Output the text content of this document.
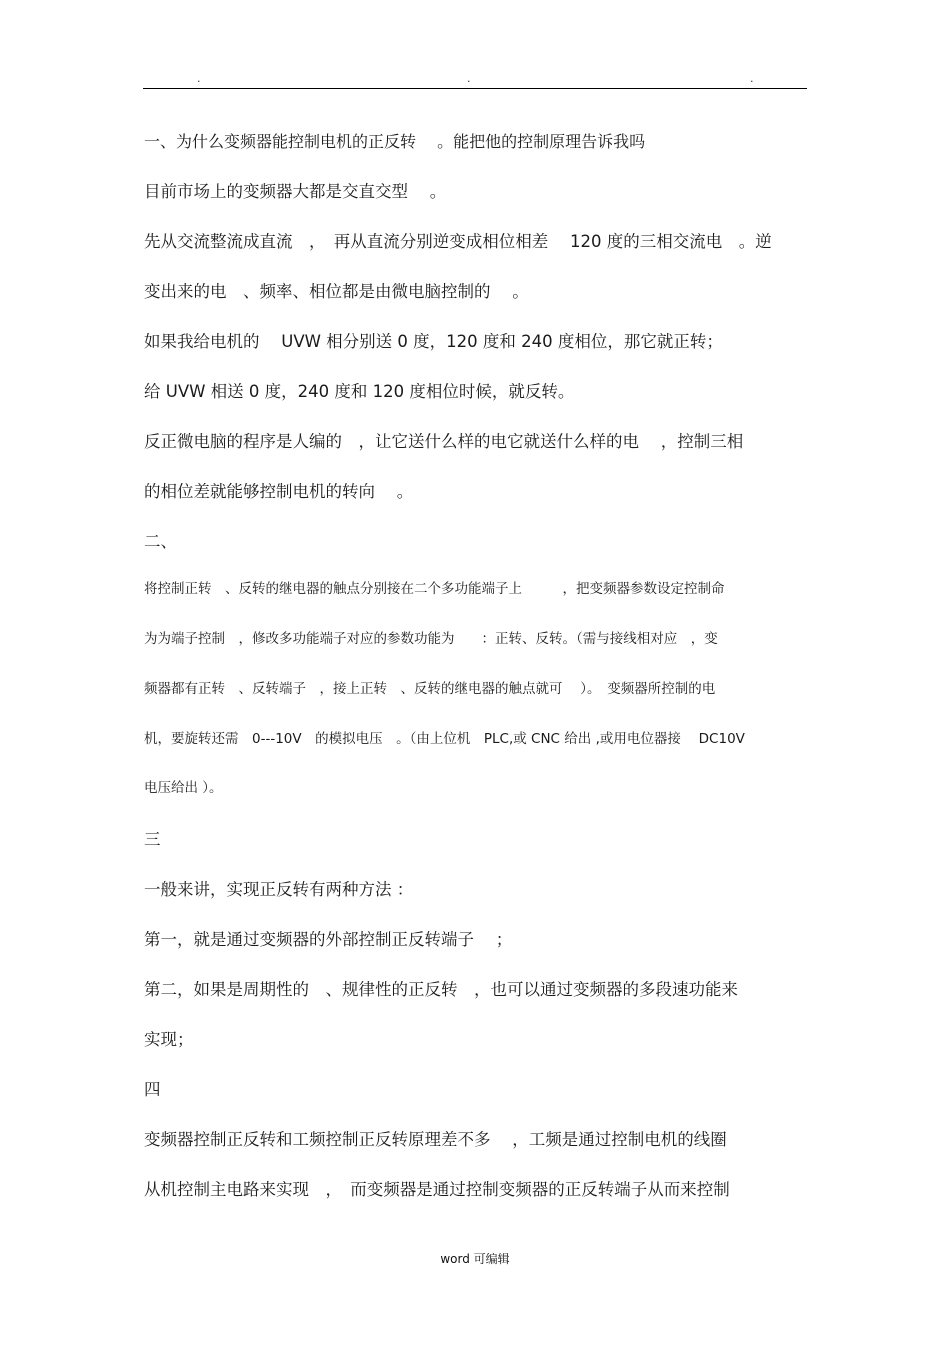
.	.	.
一、为什么变频器能控制电机的正反转　 。能把他的控制原理告诉我吗
目前市场上的变频器大都是交直交型　 。
先从交流整流成直流　，　再从直流分别逆变成相位相差　 120 度的三相交流电　。逆
变出来的电　、频率、相位都是由微电脑控制的　 。
如果我给电机的　 UVW 相分别送 0 度，120 度和 240 度相位，那它就正转；
给 UVW 相送 0 度，240 度和 120 度相位时候，就反转。
反正微电脑的程序是人编的　，让它送什么样的电它就送什么样的电　 ，控制三相
的相位差就能够控制电机的转向　 。
二、
将控制正转　、反转的继电器的触点分别接在二个多功能端子上　　　，把变频器参数设定控制命
为为端子控制　，修改多功能端子对应的参数功能为　　：正转、反转。（需与接线相对应　，变
频器都有正转　、反转端子　，接上正转　、反转的继电器的触点就可　 ）。　变频器所控制的电
机，要旋转还需　0---10V　的模拟电压　。（由上位机　PLC,或 CNC 给出 ,或用电位器接　 DC10V
电压给出 ）。
三
一般来讲，实现正反转有两种方法 ：
第一，就是通过变频器的外部控制正反转端子　 ；
第二，如果是周期性的　、规律性的正反转　，也可以通过变频器的多段速功能来
实现；
四
变频器控制正反转和工频控制正反转原理差不多　 ，工频是通过控制电机的线圈
从机控制主电路来实现　，　而变频器是通过控制变频器的正反转端子从而来控制
word 可编辑
